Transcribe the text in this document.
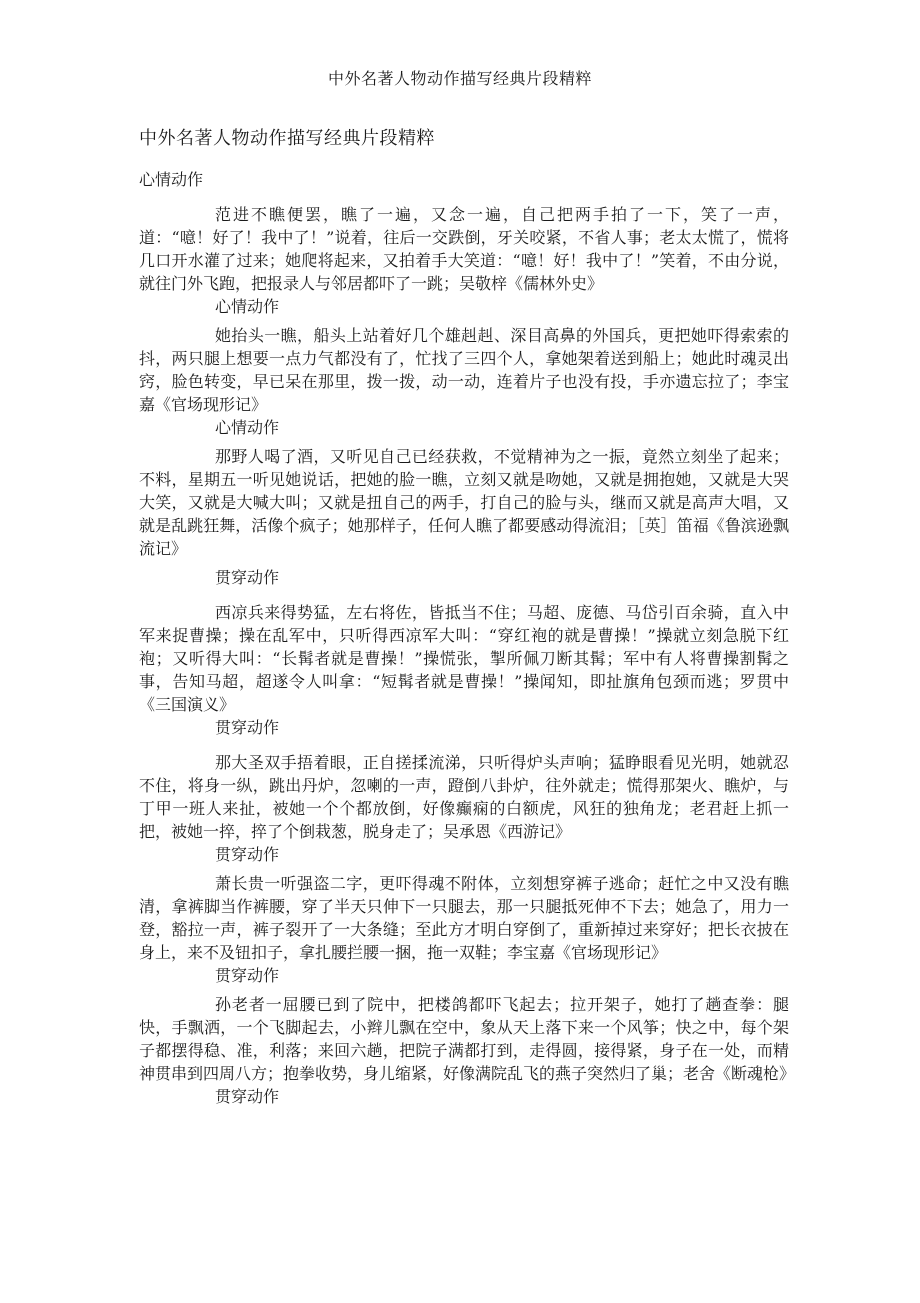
中外名著人物动作描写经典片段精粹
中外名著人物动作描写经典片段精粹

心情动作

范进不瞧便罢，瞧了一遍，又念一遍，自己把两手拍了一下，笑了一声，道：“噫！好了！我中了！”说着，往后一交跌倒，牙关咬紧，不省人事；老太太慌了，慌将几口开水灌了过来；她爬将起来，又拍着手大笑道：“噫！好！我中了！”笑着，不由分说，就往门外飞跑，把报录人与邻居都吓了一跳；吴敬梓《儒林外史》

心情动作

她抬头一瞧，船头上站着好几个雄赳赳、深目高鼻的外国兵，更把她吓得索索的抖，两只腿上想要一点力气都没有了，忙找了三四个人，拿她架着送到船上；她此时魂灵出窍，脸色转变，早已呆在那里，拨一拨，动一动，连着片子也没有投，手亦遗忘拉了；李宝嘉《官场现形记》

心情动作

那野人喝了酒，又听见自己已经获救，不觉精神为之一振，竟然立刻坐了起来；不料，星期五一听见她说话，把她的脸一瞧，立刻又就是吻她，又就是拥抱她，又就是大哭大笑，又就是大喊大叫；又就是扭自己的两手，打自己的脸与头，继而又就是高声大唱，又就是乱跳狂舞，活像个疯子；她那样子，任何人瞧了都要感动得流泪；［英］笛福《鲁滨逊飘流记》

贯穿动作

西凉兵来得势猛，左右将佐，皆抵当不住；马超、庞德、马岱引百余骑，直入中军来捉曹操；操在乱军中，只听得西凉军大叫：“穿红袍的就是曹操！”操就立刻急脱下红袍；又听得大叫：“长髯者就是曹操！”操慌张，掣所佩刀断其髯；军中有人将曹操割髯之事，告知马超，超遂令人叫拿：“短髯者就是曹操！”操闻知，即扯旗角包颈而逃；罗贯中《三国演义》

贯穿动作

那大圣双手捂着眼，正自搓揉流涕，只听得炉头声响；猛睁眼看见光明，她就忍不住，将身一纵，跳出丹炉，忽喇的一声，蹬倒八卦炉，往外就走；慌得那架火、瞧炉，与丁甲一班人来扯，被她一个个都放倒，好像癫痫的白额虎，风狂的独角龙；老君赶上抓一把，被她一捽，捽了个倒栽葱，脱身走了；吴承恩《西游记》

贯穿动作

萧长贵一听强盗二字，更吓得魂不附体，立刻想穿裤子逃命；赶忙之中又没有瞧清，拿裤脚当作裤腰，穿了半天只伸下一只腿去，那一只腿抵死伸不下去；她急了，用力一登，豁拉一声，裤子裂开了一大条缝；至此方才明白穿倒了，重新掉过来穿好；把长衣披在身上，来不及钮扣子，拿扎腰拦腰一捆，拖一双鞋；李宝嘉《官场现形记》

贯穿动作

孙老者一屈腰已到了院中，把楼鸽都吓飞起去；拉开架子，她打了趟查拳：腿快，手飘洒，一个飞脚起去，小辫儿飘在空中，象从天上落下来一个风筝；快之中，每个架子都摆得稳、准，利落；来回六趟，把院子满都打到，走得圆，接得紧，身子在一处，而精神贯串到四周八方；抱拳收势，身儿缩紧，好像满院乱飞的燕子突然归了巢；老舍《断魂枪》

贯穿动作
